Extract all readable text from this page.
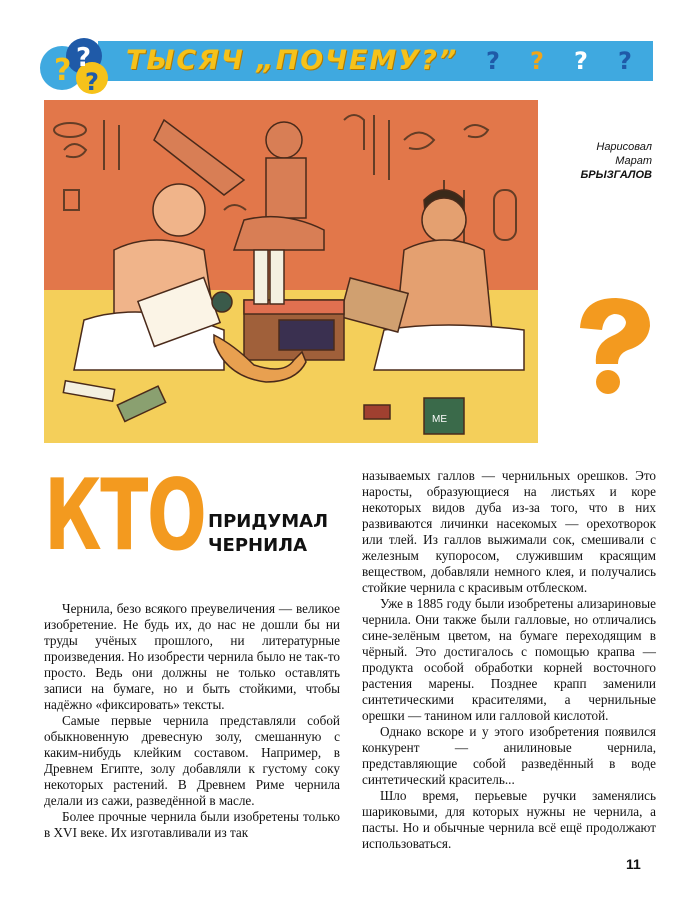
? ?
?
ТЫСЯЧ „ПОЧЕМУ?” ? ? ? ?
МЕ
Нарисовал
Марат
БРЫЗГАЛОВ
КТО ПРИДУМАЛ
ЧЕРНИЛА

Чернила, безо всякого преувеличения — великое изобретение. Не будь их, до нас не дошли бы ни труды учёных прошлого, ни литературные произведения. Но изобрести чернила было не так-то просто. Ведь они должны не только оставлять записи на бумаге, но и быть стойкими, чтобы надёжно «фиксировать» тексты.

Самые первые чернила представляли собой обыкновенную древесную золу, смешанную с каким-нибудь клейким составом. Например, в Древнем Египте, золу добавляли к густому соку некоторых растений. В Древнем Риме чернила делали из сажи, разведённой в масле.

Более прочные чернила были изобретены только в XVI веке. Их изготавливали из так

называемых галлов — чернильных орешков. Это наросты, образующиеся на листьях и коре некоторых видов дуба из-за того, что в них развиваются личинки насекомых — орехотворок или тлей. Из галлов выжимали сок, смешивали с железным купоросом, служившим красящим веществом, добавляли немного клея, и получались стойкие чернила с красивым отблеском.

Уже в 1885 году были изобретены ализариновые чернила. Они также были галловые, но отличались сине-зелёным цветом, на бумаге переходящим в чёрный. Это достигалось с помощью крапва — продукта особой обработки корней восточного растения марены. Позднее крапп заменили синтетическими красителями, а чернильные орешки — танином или галловой кислотой.

Однако вскоре и у этого изобретения появился конкурент — анилиновые чернила, представляющие собой разведённый в воде синтетический краситель...

Шло время, перьевые ручки заменялись шариковыми, для которых нужны не чернила, а пасты. Но и обычные чернила всё ещё продолжают использоваться.

11
